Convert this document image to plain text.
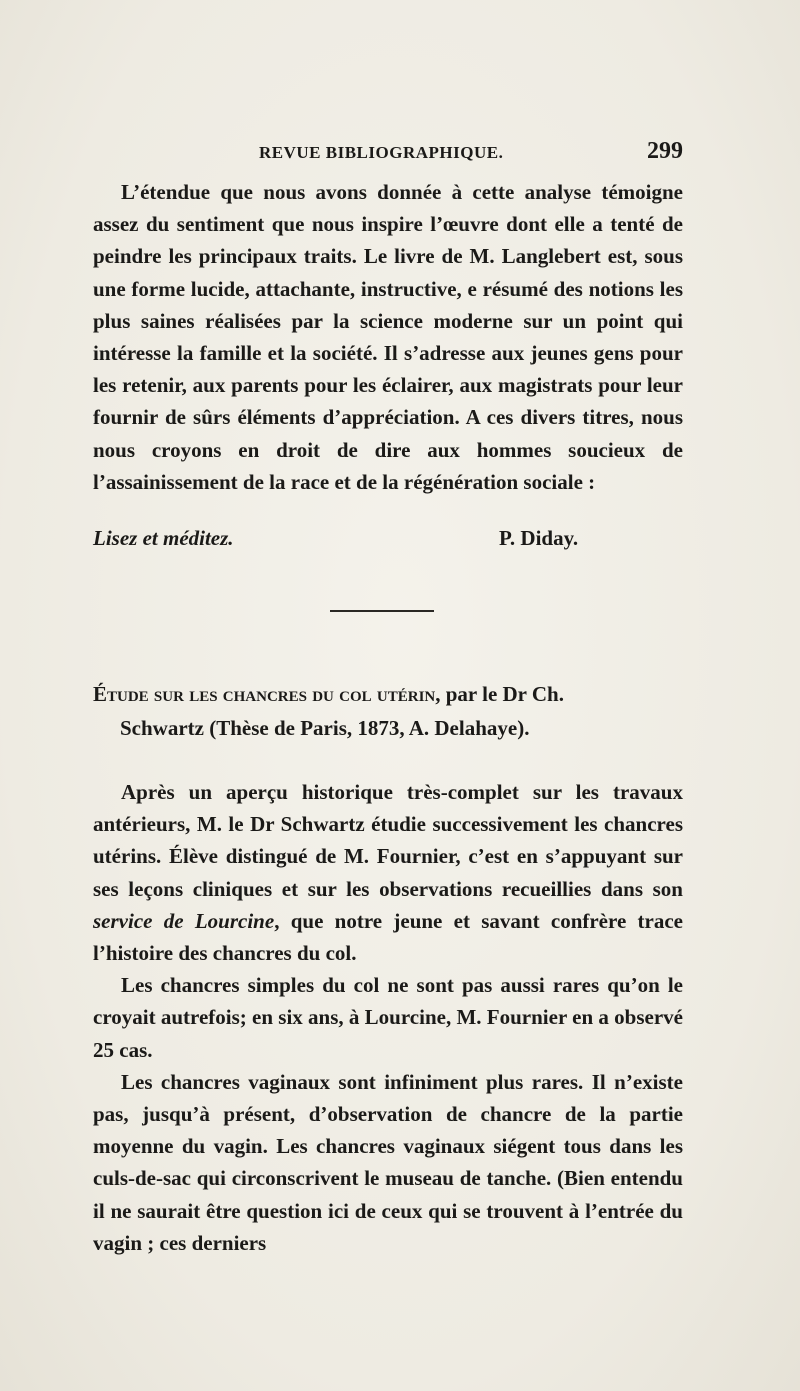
REVUE BIBLIOGRAPHIQUE.	299

L’étendue que nous avons donnée à cette analyse témoigne assez du sentiment que nous inspire l’œuvre dont elle a tenté de peindre les principaux traits. Le livre de M. Langlebert est, sous une forme lucide, attachante, instructive, e résumé des notions les plus saines réalisées par la science moderne sur un point qui intéresse la famille et la société. Il s’adresse aux jeunes gens pour les retenir, aux parents pour les éclairer, aux magistrats pour leur fournir de sûrs éléments d’appréciation. A ces divers titres, nous nous croyons en droit de dire aux hommes soucieux de l’assainissement de la race et de la régénération sociale :

Lisez et méditez.	P. Diday.
Étude sur les chancres du col utérin, par le Dr Ch.
Schwartz (Thèse de Paris, 1873, A. Delahaye).

Après un aperçu historique très-complet sur les travaux antérieurs, M. le Dr Schwartz étudie successivement les chancres utérins. Élève distingué de M. Fournier, c’est en s’appuyant sur ses leçons cliniques et sur les observations recueillies dans son service de Lourcine, que notre jeune et savant confrère trace l’histoire des chancres du col.

Les chancres simples du col ne sont pas aussi rares qu’on le croyait autrefois; en six ans, à Lourcine, M. Fournier en a observé 25 cas.

Les chancres vaginaux sont infiniment plus rares. Il n’existe pas, jusqu’à présent, d’observation de chancre de la partie moyenne du vagin. Les chancres vaginaux siégent tous dans les culs-de-sac qui circonscrivent le museau de tanche. (Bien entendu il ne saurait être question ici de ceux qui se trouvent à l’entrée du vagin ; ces derniers
